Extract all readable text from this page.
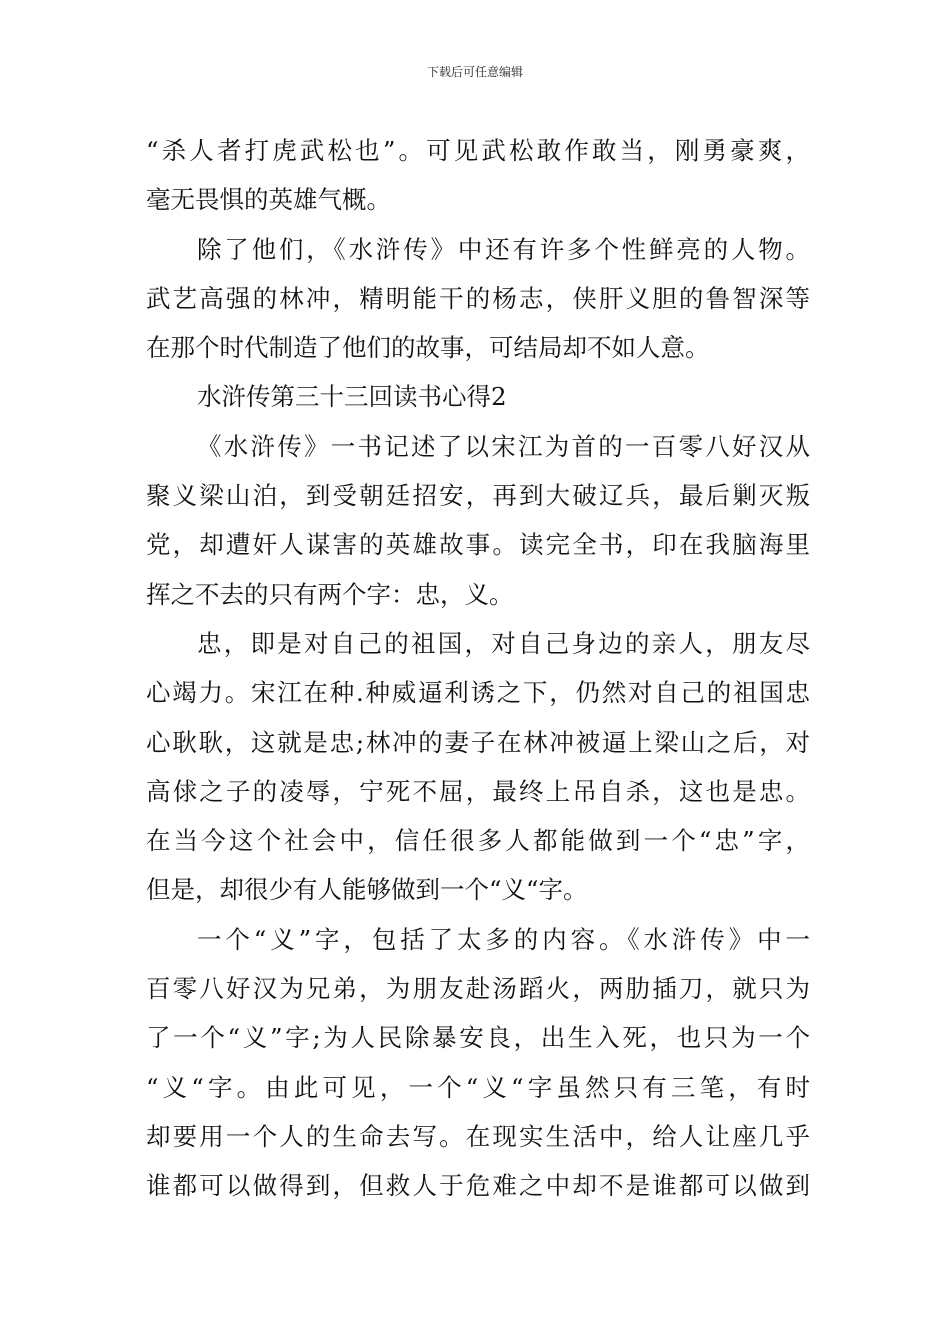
下载后可任意编辑
“杀人者打虎武松也”。可见武松敢作敢当，刚勇豪爽，
毫无畏惧的英雄气概。
除了他们，《水浒传》中还有许多个性鲜亮的人物。
武艺高强的林冲，精明能干的杨志，侠肝义胆的鲁智深等
在那个时代制造了他们的故事，可结局却不如人意。
水浒传第三十三回读书心得2
《水浒传》一书记述了以宋江为首的一百零八好汉从
聚义梁山泊，到受朝廷招安，再到大破辽兵，最后剿灭叛
党，却遭奸人谋害的英雄故事。读完全书，印在我脑海里
挥之不去的只有两个字：忠，义。
忠，即是对自己的祖国，对自己身边的亲人，朋友尽
心竭力。宋江在种.种威逼利诱之下，仍然对自己的祖国忠
心耿耿，这就是忠;林冲的妻子在林冲被逼上梁山之后，对
高俅之子的凌辱，宁死不屈，最终上吊自杀，这也是忠。
在当今这个社会中，信任很多人都能做到一个“忠”字，
但是，却很少有人能够做到一个“义“字。
一个“义”字，包括了太多的内容。《水浒传》中一
百零八好汉为兄弟，为朋友赴汤蹈火，两肋插刀，就只为
了一个“义”字;为人民除暴安良，出生入死，也只为一个
“义“字。由此可见，一个“义“字虽然只有三笔，有时
却要用一个人的生命去写。在现实生活中，给人让座几乎
谁都可以做得到，但救人于危难之中却不是谁都可以做到
